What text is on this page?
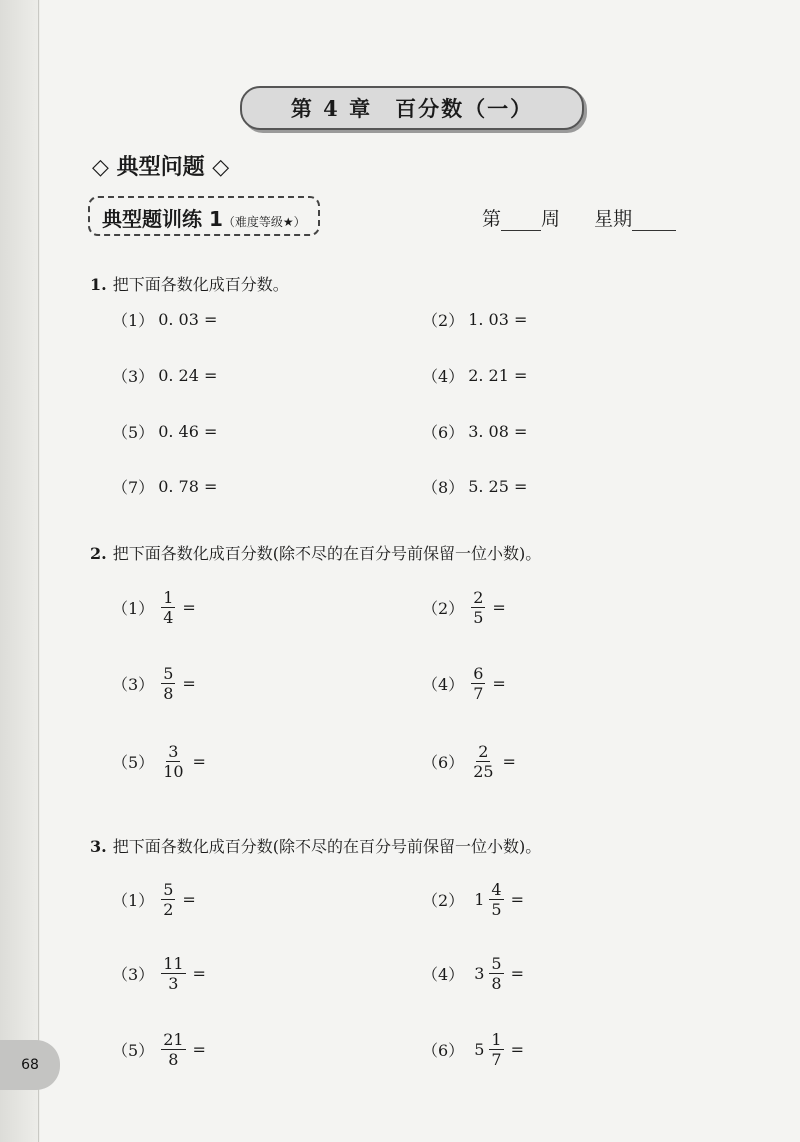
第 4 章　百分数（一）
◇ 典型问题 ◇
典型题训练 1（难度等级★）	第 周 星期
1. 把下面各数化成百分数。
（1） 0. 03 =	（2） 1. 03 =
（3） 0. 24 =	（4） 2. 21 =
（5） 0. 46 =	（6） 3. 08 =
（7） 0. 78 =	（8） 5. 25 =
2. 把下面各数化成百分数(除不尽的在百分号前保留一位小数)。
$(1) \frac{1}{4}$ =	$(2) \frac{2}{5}$ =
$(3) \frac{5}{8}$ =	$(4) \frac{6}{7}$ =
$(5) \frac{3}{10}$ =	$(6) \frac{2}{25}$ =
3. 把下面各数化成百分数(除不尽的在百分号前保留一位小数)。
$(1) \frac{5}{2}$ =	（2） $1 \frac{4}{5}$ =
$(3) \frac{11}{3}$ =	（4） $3 \frac{5}{8}$ =
$(5) \frac{21}{8}$ =	（6） $5 \frac{1}{7}$ =
68
